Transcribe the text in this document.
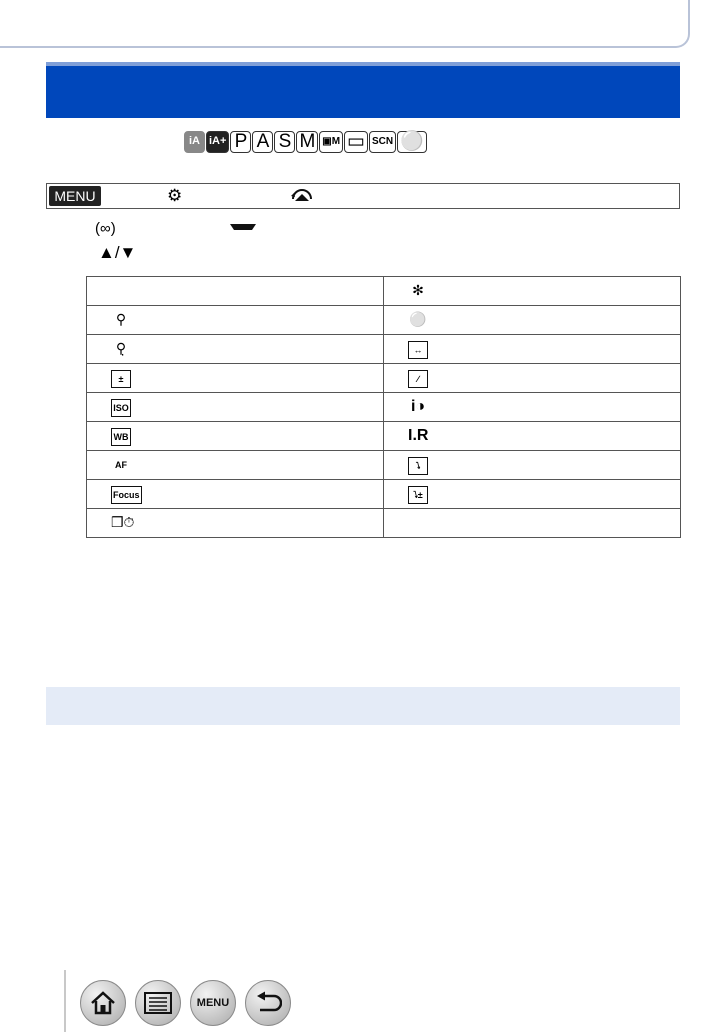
iA iA+ P A S M ▣M ▭ SCN ⚪
MENU	⚙
(∞)
▲/▼
	✻
⚲	⚪
⚲̣	↔
±	∕
ISO	i◑
WB	I.R
AF	⭝
Focus	⭝±
❒⏱	
MENU
